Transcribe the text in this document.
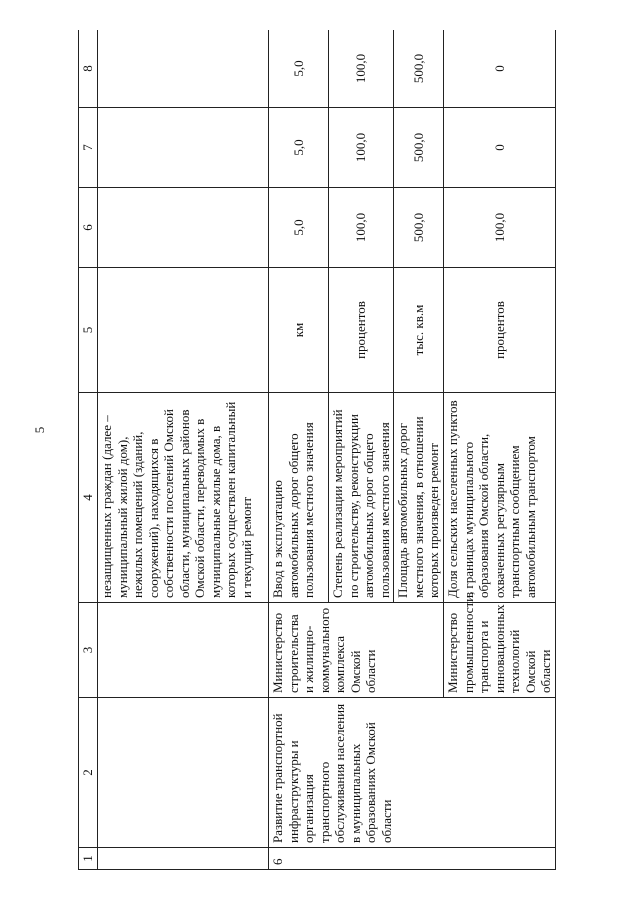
5
1	2	3	4	5	6	7	8
			незащищенных граждан (далее – муниципальный жилой дом), нежилых помещений (зданий, сооружений), находящихся в собственности поселений Омской области, муниципальных районов Омской области, переводимых в муниципальные жилые дома, в которых осуществлен капитальный и текущий ремонт				
6	Развитие транспортной инфраструктуры и организация транспортного обслуживания населения в муниципальных образованиях Омской области	Министерство строительства и жилищно-коммунального комплекса Омской области	Ввод в эксплуатацию автомобильных дорог общего пользования местного значения	км	5,0	5,0	5,0
			Степень реализации мероприятий по строительству, реконструкции автомобильных дорог общего пользования местного значения	процентов	100,0	100,0	100,0
			Площадь автомобильных дорог местного значения, в отношении которых произведен ремонт	тыс. кв.м	500,0	500,0	500,0
		Министерство промышленности, транспорта и инновационных технологий Омской области	Доля сельских населенных пунктов в границах муниципального образования Омской области, охваченных регулярным транспортным сообщением автомобильным транспортом	процентов	100,0	0	0
